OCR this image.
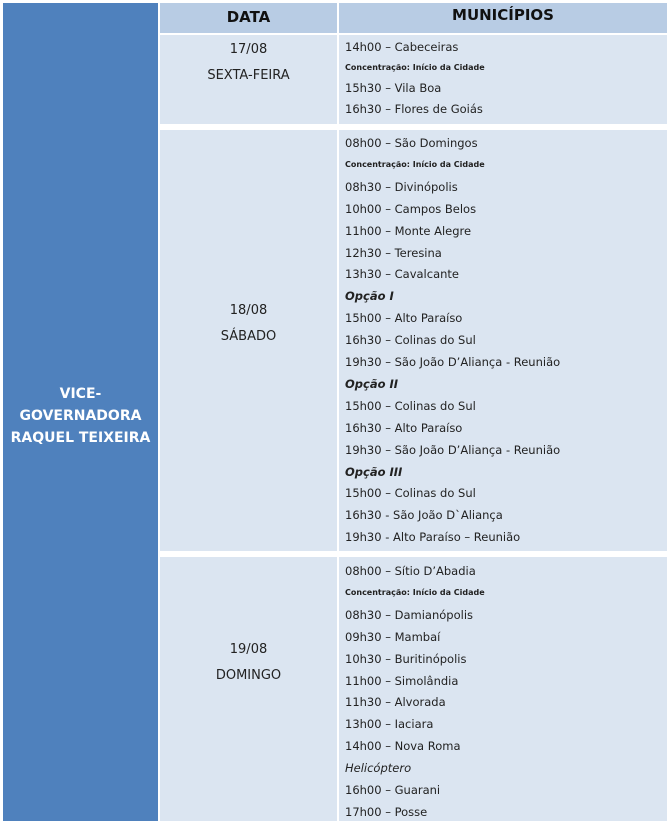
VICE-
GOVERNADORA
RAQUEL TEIXEIRA
DATA	MUNICÍPIOS
17/08
SEXTA-FEIRA
14h00 – Cabeceiras
Concentração: Início da Cidade
15h30 – Vila Boa
16h30 – Flores de Goiás
18/08
SÁBADO
08h00 – São Domingos
Concentração: Início da Cidade
08h30 – Divinópolis
10h00 – Campos Belos
11h00 – Monte Alegre
12h30 – Teresina
13h30 – Cavalcante
Opção I
15h00 – Alto Paraíso
16h30 – Colinas do Sul
19h30 – São João D’Aliança - Reunião
Opção II
15h00 – Colinas do Sul
16h30 – Alto Paraíso
19h30 – São João D’Aliança - Reunião
Opção III
15h00 – Colinas do Sul
16h30 - São João D`Aliança
19h30 - Alto Paraíso – Reunião
19/08
DOMINGO
08h00 – Sítio D’Abadia
Concentração: Início da Cidade
08h30 – Damianópolis
09h30 – Mambaí
10h30 – Buritinópolis
11h00 – Simolândia
11h30 – Alvorada
13h00 – Iaciara
14h00 – Nova Roma
Helicóptero
16h00 – Guarani
17h00 – Posse
